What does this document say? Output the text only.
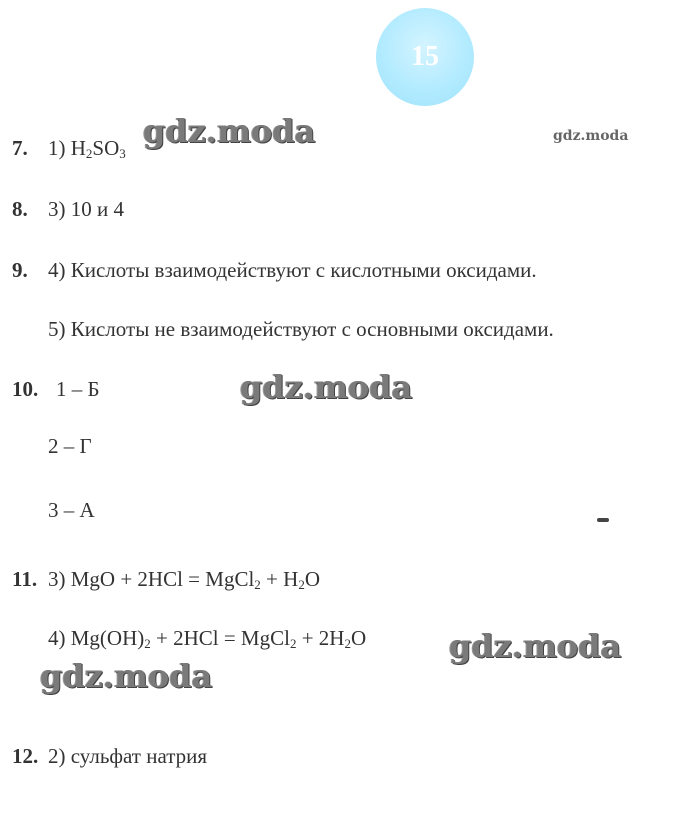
15
7. 1) $H_2SO_3$
8. 3) 10 и 4
9. 4) Кислоты взаимодействуют с кислотными оксидами.
5) Кислоты не взаимодействуют с основными оксидами.
10. 1 – Б
2 – Г
3 – А
11. 3) MgO + 2HCl = MgCl$_2$ + $H_2O$
4) $Mg(OH)_2 + 2HCl$ = MgCl$_2$ + $2H_2O$
12. 2) сульфат натрия
gdz.moda	gdz.moda
gdz.moda
gdz.moda
gdz.moda
